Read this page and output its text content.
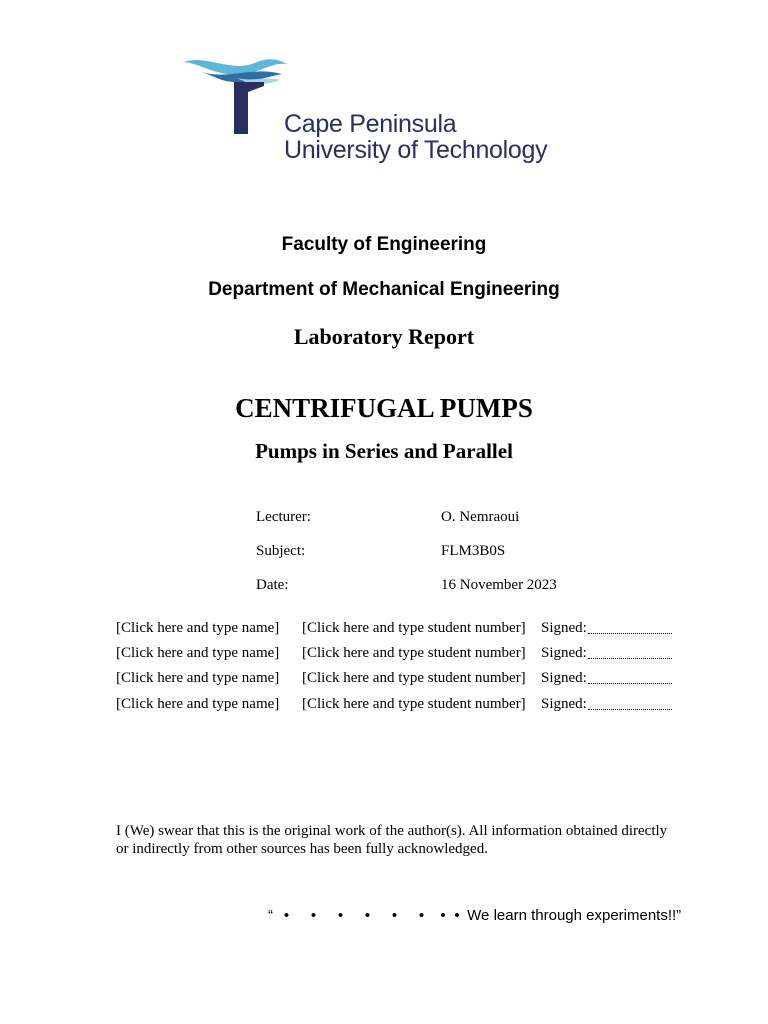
Cape Peninsula
University of Technology
Faculty of Engineering
Department of Mechanical Engineering
Laboratory Report
CENTRIFUGAL PUMPS
Pumps in Series and Parallel
Lecturer:	O. Nemraoui
Subject:	FLM3B0S
Date:	16 November 2023
[Click here and type name] [Click here and type student number] Signed:
[Click here and type name] [Click here and type student number] Signed:
[Click here and type name] [Click here and type student number] Signed:
[Click here and type name] [Click here and type student number] Signed:
I (We) swear that this is the original work of the author(s). All information obtained directly or indirectly from other sources has been fully acknowledged.
“ • • • • • • • • We learn through experiments!!”
